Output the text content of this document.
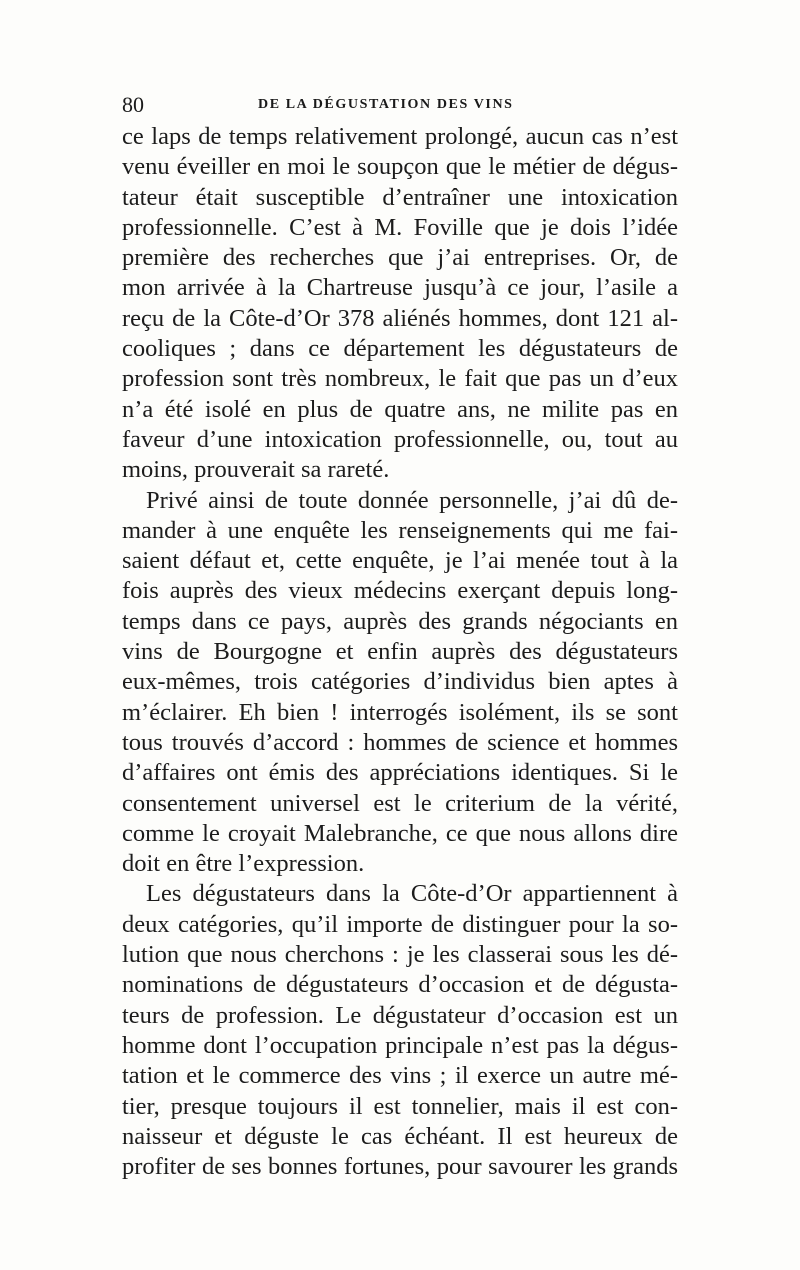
80	DE LA DÉGUSTATION DES VINS
ce laps de temps relativement prolongé, aucun cas n’est
venu éveiller en moi le soupçon que le métier de dégus-
tateur était susceptible d’entraîner une intoxication
professionnelle. C’est à M. Foville que je dois l’idée
première des recherches que j’ai entreprises. Or, de
mon arrivée à la Chartreuse jusqu’à ce jour, l’asile a
reçu de la Côte-d’Or 378 aliénés hommes, dont 121 al-
cooliques ; dans ce département les dégustateurs de
profession sont très nombreux, le fait que pas un d’eux
n’a été isolé en plus de quatre ans, ne milite pas en
faveur d’une intoxication professionnelle, ou, tout au
moins, prouverait sa rareté.
Privé ainsi de toute donnée personnelle, j’ai dû de-
mander à une enquête les renseignements qui me fai-
saient défaut et, cette enquête, je l’ai menée tout à la
fois auprès des vieux médecins exerçant depuis long-
temps dans ce pays, auprès des grands négociants en
vins de Bourgogne et enfin auprès des dégustateurs
eux-mêmes, trois catégories d’individus bien aptes à
m’éclairer. Eh bien ! interrogés isolément, ils se sont
tous trouvés d’accord : hommes de science et hommes
d’affaires ont émis des appréciations identiques. Si le
consentement universel est le criterium de la vérité,
comme le croyait Malebranche, ce que nous allons dire
doit en être l’expression.
Les dégustateurs dans la Côte-d’Or appartiennent à
deux catégories, qu’il importe de distinguer pour la so-
lution que nous cherchons : je les classerai sous les dé-
nominations de dégustateurs d’occasion et de dégusta-
teurs de profession. Le dégustateur d’occasion est un
homme dont l’occupation principale n’est pas la dégus-
tation et le commerce des vins ; il exerce un autre mé-
tier, presque toujours il est tonnelier, mais il est con-
naisseur et déguste le cas échéant. Il est heureux de
profiter de ses bonnes fortunes, pour savourer les grands
